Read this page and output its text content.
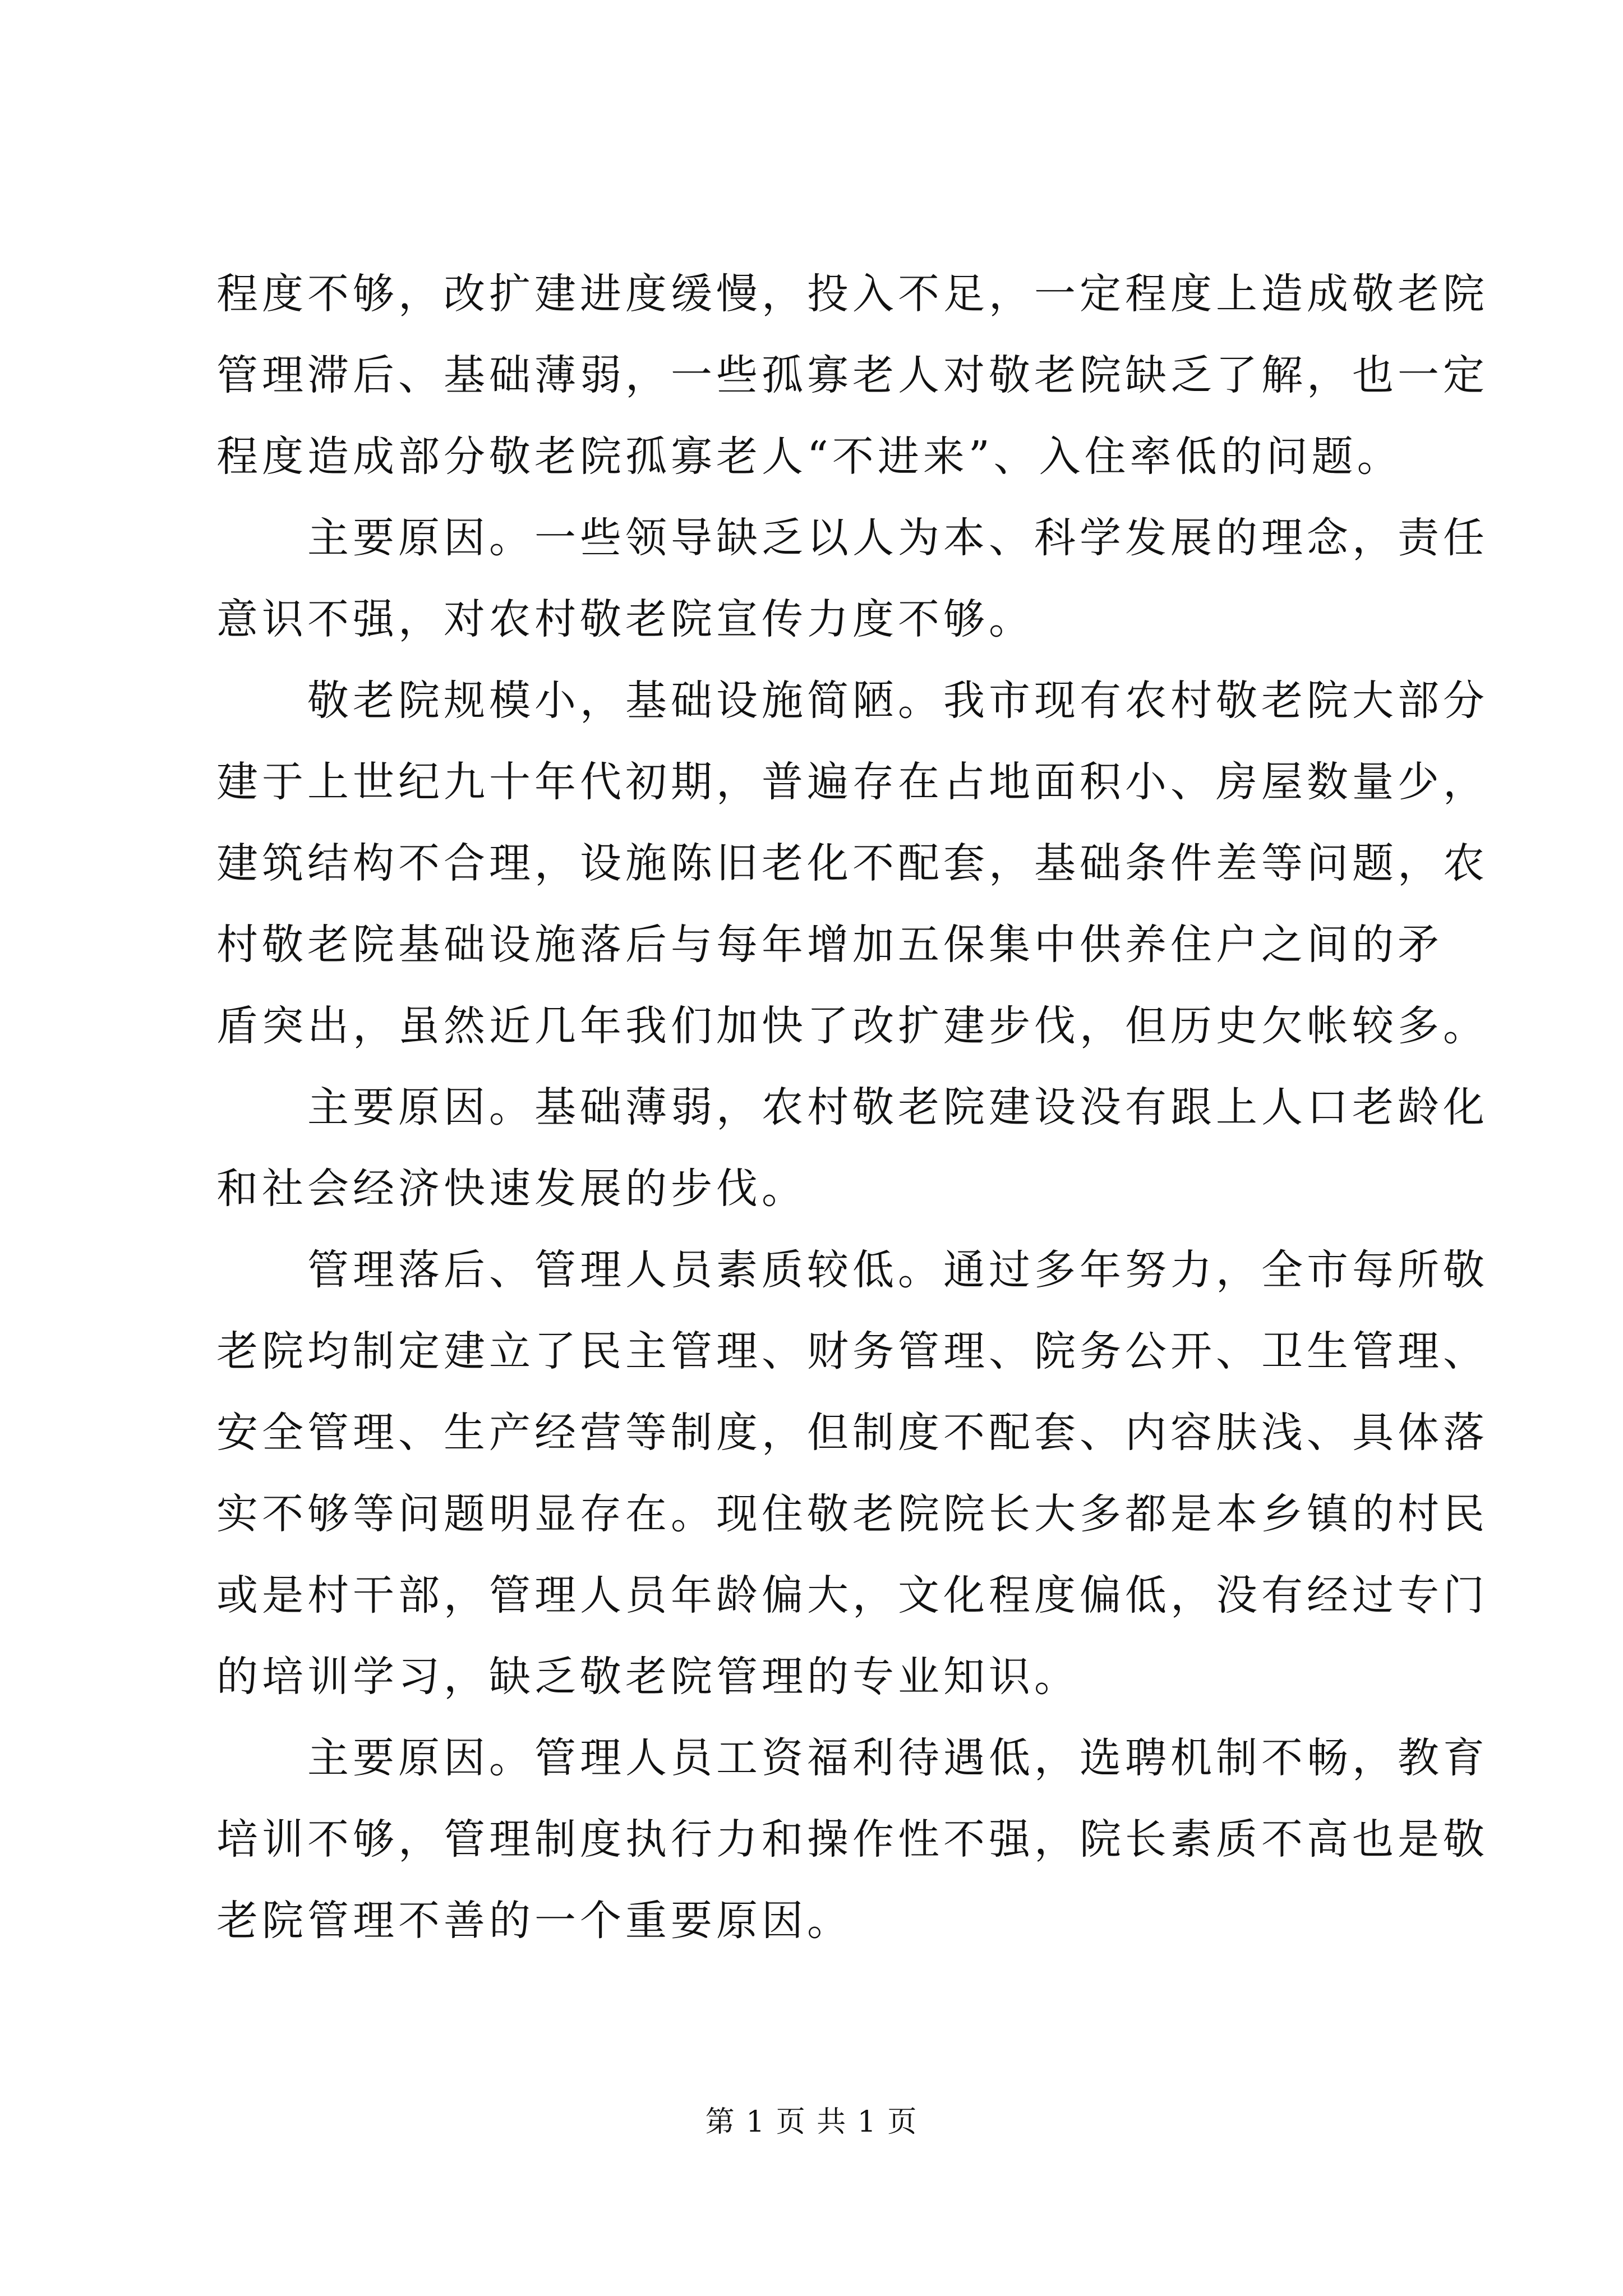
程度不够，改扩建进度缓慢，投入不足，一定程度上造成敬老院
管理滞后、基础薄弱，一些孤寡老人对敬老院缺乏了解，也一定
程度造成部分敬老院孤寡老人“不进来”、入住率低的问题。

主要原因。一些领导缺乏以人为本、科学发展的理念，责任
意识不强，对农村敬老院宣传力度不够。

敬老院规模小，基础设施简陋。我市现有农村敬老院大部分
建于上世纪九十年代初期，普遍存在占地面积小、房屋数量少，
建筑结构不合理，设施陈旧老化不配套，基础条件差等问题，农
村敬老院基础设施落后与每年增加五保集中供养住户之间的矛
盾突出，虽然近几年我们加快了改扩建步伐，但历史欠帐较多。

主要原因。基础薄弱，农村敬老院建设没有跟上人口老龄化
和社会经济快速发展的步伐。

管理落后、管理人员素质较低。通过多年努力，全市每所敬
老院均制定建立了民主管理、财务管理、院务公开、卫生管理、
安全管理、生产经营等制度，但制度不配套、内容肤浅、具体落
实不够等问题明显存在。现住敬老院院长大多都是本乡镇的村民
或是村干部，管理人员年龄偏大，文化程度偏低，没有经过专门
的培训学习，缺乏敬老院管理的专业知识。

主要原因。管理人员工资福利待遇低，选聘机制不畅，教育
培训不够，管理制度执行力和操作性不强，院长素质不高也是敬
老院管理不善的一个重要原因。

第 1 页 共 1 页
